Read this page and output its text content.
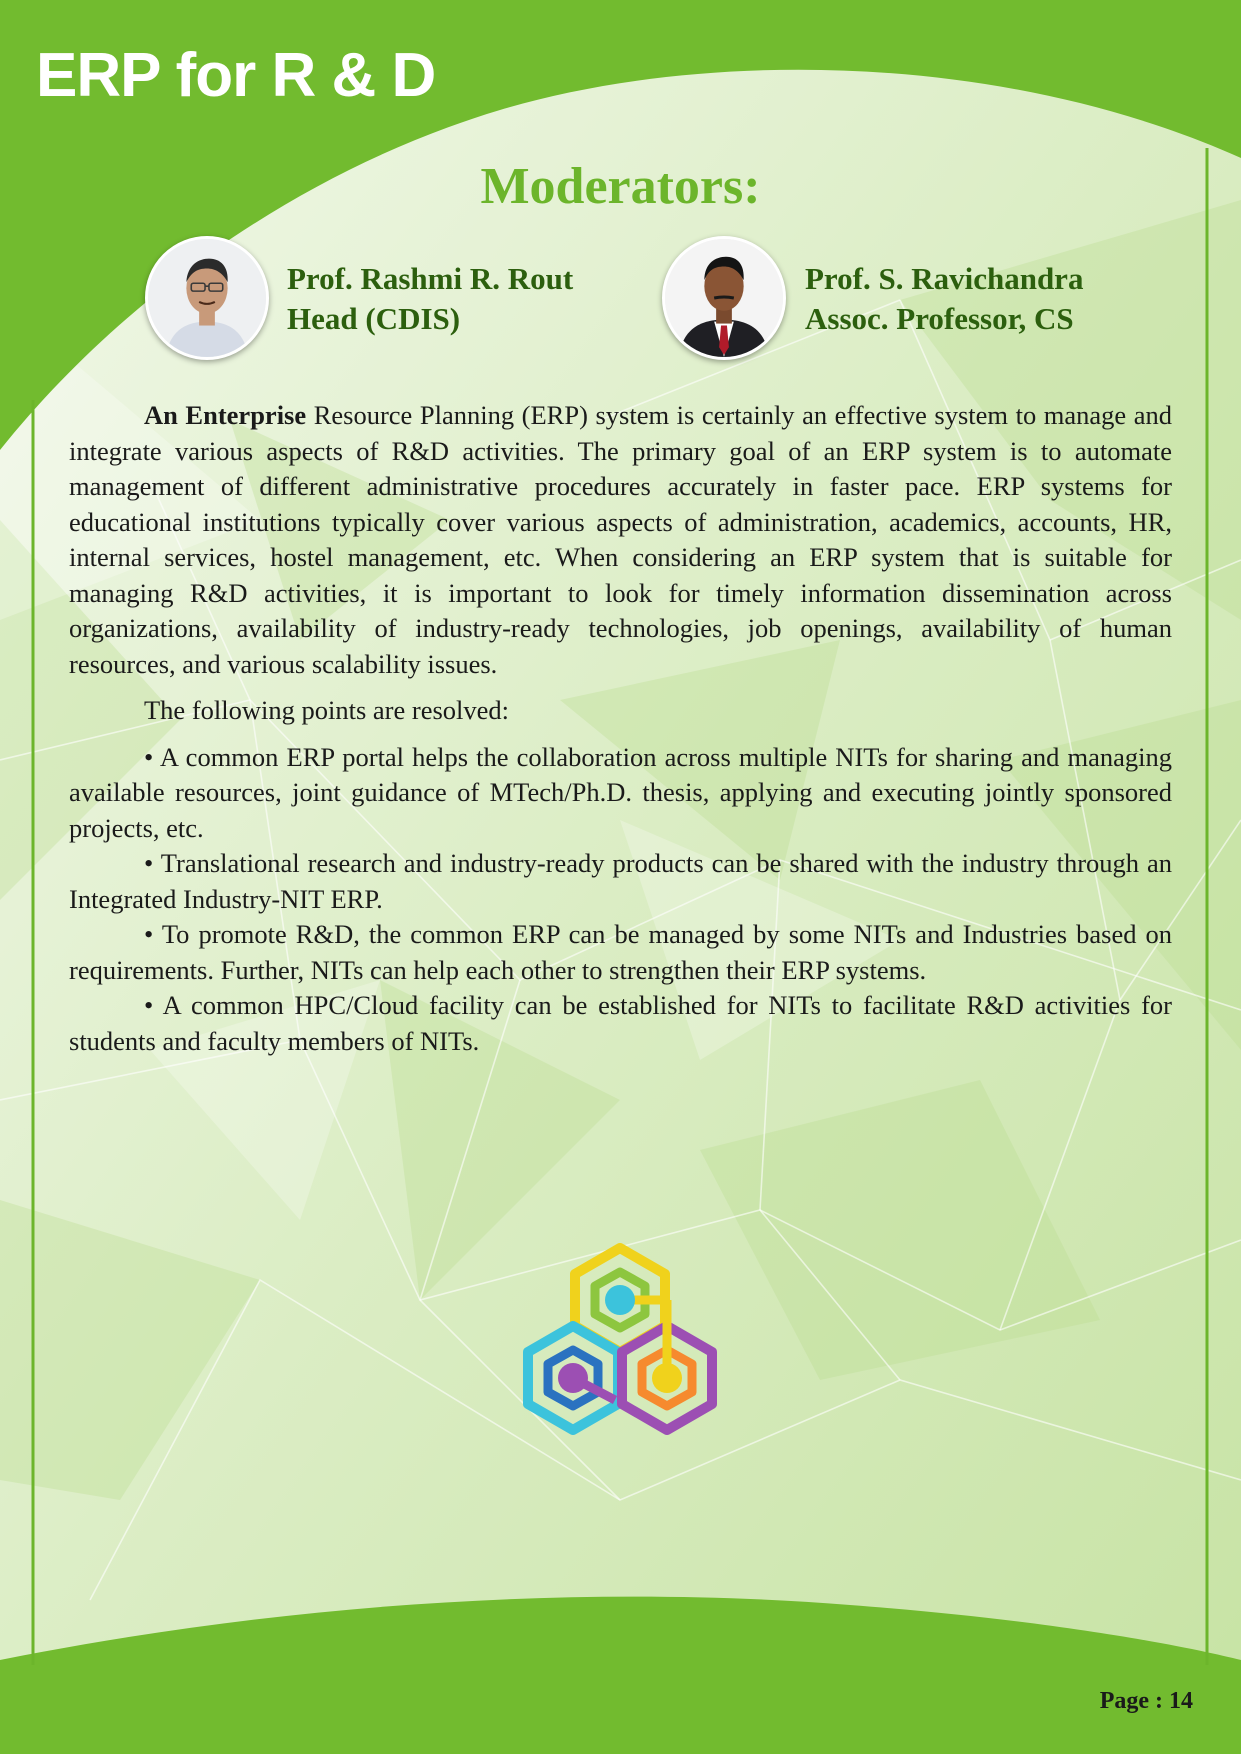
ERP for R & D
Moderators:
Prof. Rashmi R. Rout
Head (CDIS)
Prof. S. Ravichandra
Assoc. Professor, CS

An Enterprise Resource Planning (ERP) system is certainly an effective system to manage and integrate various aspects of R&D activities. The primary goal of an ERP system is to automate management of different administrative procedures accurately in faster pace. ERP systems for educational institutions typically cover various aspects of administration, academics, accounts, HR, internal services, hostel management, etc. When considering an ERP system that is suitable for managing R&D activities, it is important to look for timely information dissemination across organizations, availability of industry-ready technologies, job openings, availability of human resources, and various scalability issues.

The following points are resolved:

• A common ERP portal helps the collaboration across multiple NITs for sharing and managing available resources, joint guidance of MTech/Ph.D. thesis, applying and executing jointly sponsored projects, etc.

• Translational research and industry-ready products can be shared with the industry through an Integrated Industry-NIT ERP.

• To promote R&D, the common ERP can be managed by some NITs and Industries based on requirements. Further, NITs can help each other to strengthen their ERP systems.

• A common HPC/Cloud facility can be established for NITs to facilitate R&D activities for students and faculty members of NITs.

Page : 14
